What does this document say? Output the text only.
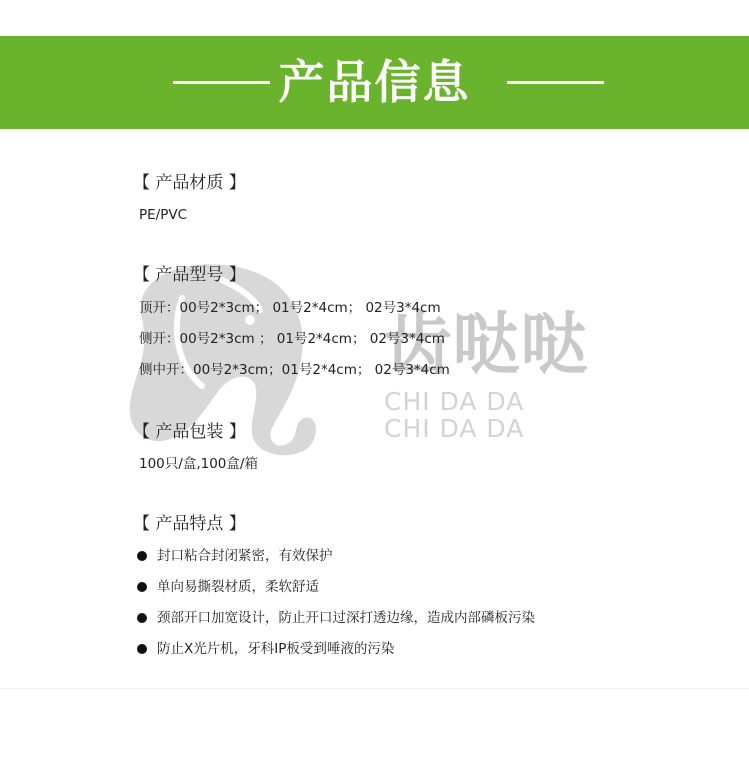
产品信息
齿哒哒
CHI DA DA
CHI DA DA
【 产品材质 】
PE/PVC
【 产品型号 】
顶开：00号2*3cm； 01号2*4cm； 02号3*4cm
侧开：00号2*3cm ； 01号2*4cm； 02号3*4cm
侧中开：00号2*3cm；01号2*4cm； 02号3*4cm
【 产品包装 】
100只/盒,100盒/箱
【 产品特点 】
封口粘合封闭紧密，有效保护
单向易撕裂材质，柔软舒适
颈部开口加宽设计，防止开口过深打透边缘，造成内部磷板污染
防止X光片机，牙科IP板受到唾液的污染
